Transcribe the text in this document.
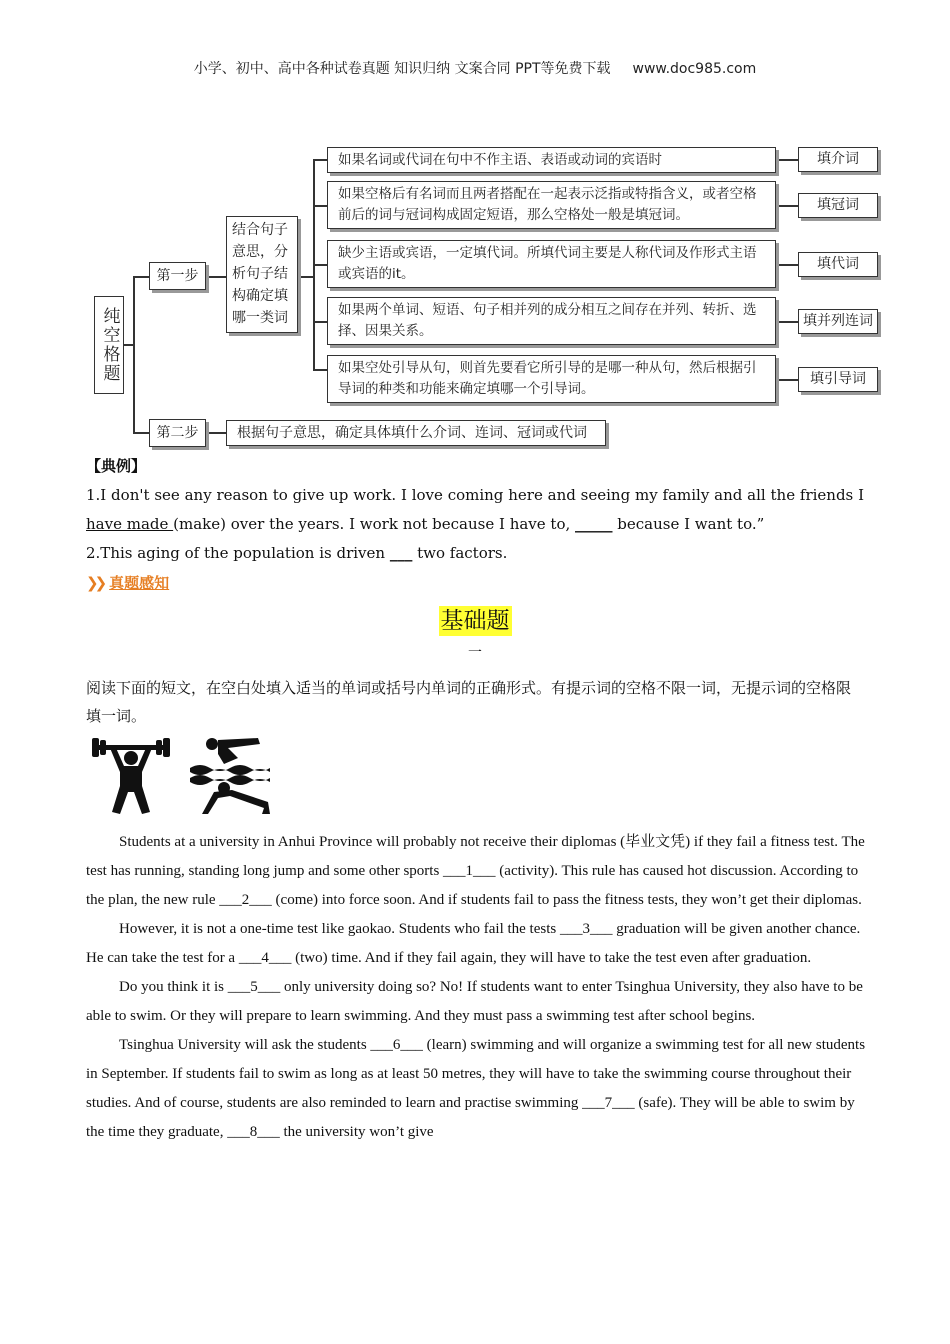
小学、初中、高中各种试卷真题 知识归纳 文案合同 PPT等免费下载 www.doc985.com
纯空格题
第一步
第二步
结合句子意思，分析句子结构确定填哪一类词
如果名词或代词在句中不作主语、表语或动词的宾语时
如果空格后有名词而且两者搭配在一起表示泛指或特指含义，或者空格前后的词与冠词构成固定短语，那么空格处一般是填冠词。
缺少主语或宾语，一定填代词。所填代词主要是人称代词及作形式主语或宾语的it。
如果两个单词、短语、句子相并列的成分相互之间存在并列、转折、选择、因果关系。
如果空处引导从句，则首先要看它所引导的是哪一种从句，然后根据引导词的种类和功能来确定填哪一个引导词。
填介词
填冠词
填代词
填并列连词
填引导词
根据句子意思，确定具体填什么介词、连词、冠词或代词
【典例】
1.I don't see any reason to give up work. I love coming here and seeing my family and all the friends I have made (make) over the years. I work not because I have to, _____ because I want to.”
2.This aging of the population is driven ___ two factors.
❯❯ 真题感知
基础题
一
阅读下面的短文，在空白处填入适当的单词或括号内单词的正确形式。有提示词的空格不限一词，无提示词的空格限填一词。

Students at a university in Anhui Province will probably not receive their diplomas (毕业文凭) if they fail a fitness test. The test has running, standing long jump and some other sports ___1___ (activity). This rule has caused hot discussion. According to the plan, the new rule ___2___ (come) into force soon. And if students fail to pass the fitness tests, they won’t get their diplomas.

However, it is not a one-time test like gaokao. Students who fail the tests ___3___ graduation will be given another chance. He can take the test for a ___4___ (two) time. And if they fail again, they will have to take the test even after graduation.

Do you think it is ___5___ only university doing so? No! If students want to enter Tsinghua University, they also have to be able to swim. Or they will prepare to learn swimming. And they must pass a swimming test after school begins.

Tsinghua University will ask the students ___6___ (learn) swimming and will organize a swimming test for all new students in September. If students fail to swim as long as at least 50 metres, they will have to take the swimming course throughout their studies. And of course, students are also reminded to learn and practise swimming ___7___ (safe). They will be able to swim by the time they graduate, ___8___ the university won’t give
